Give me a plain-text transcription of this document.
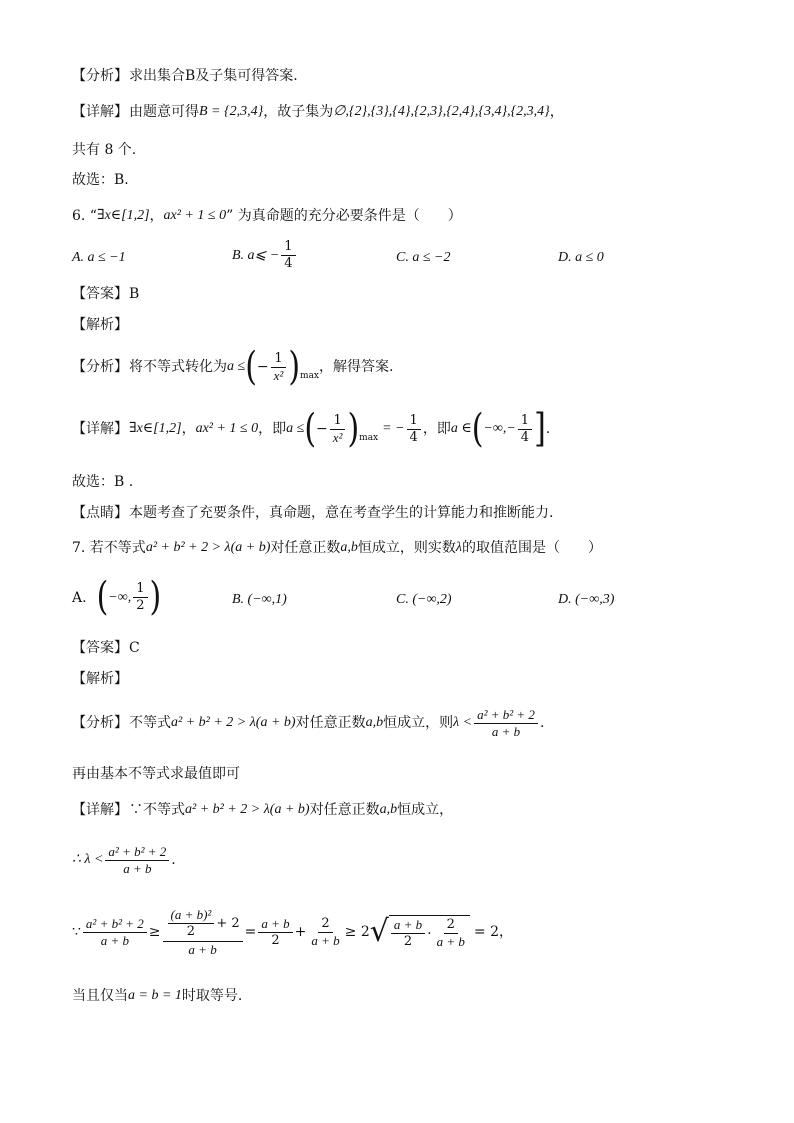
【分析】 求出集合B及子集可得答案.
【详解】 由题意可得 B = {2,3,4} ，故子集为 ∅,{2},{3},{4},{2,3},{2,4},{3,4},{2,3,4} ，
共有 8 个.
故选：B.
6. “ ∃x∈[1,2] ， ax² + 1 ≤ 0 ” 为真命题的充分必要条件是（　　）
A. a ≤ −1	B. a⩽ − $\frac{1}{4}$	C. a ≤ −2	D. a ≤ 0
【答案】 B
【解析】
【分析】 将不等式转化为 a ≤ ( − $\frac{1}{\text{x²}}$ ) max
，解得答案.
【详解】 ∃x∈[1,2] ， ax² + 1 ≤ 0 ，即 a ≤ ( − $\frac{1}{\text{x²}}$ ) max
= − $\frac{1}{4}$ ，即 a ∈ ( −∞,− $\frac{1}{4}$ ] .
故选：B .
【点睛】 本题考查了充要条件，真命题，意在考查学生的计算能力和推断能力.
7. 若不等式 a² + b² + 2 > λ(a + b) 对任意正数 a,b 恒成立，则实数 λ 的取值范围是（　　）
A. ( −∞, $\frac{1}{2}$ )	B. (−∞,1)	C. (−∞,2)	D. (−∞,3)
【答案】 C
【解析】
【分析】 不等式 a² + b² + 2 > λ(a + b) 对任意正数 a,b 恒成立，则 $\lambda < \frac{\text{a² + b² + 2}}{a + b}$ .
再由基本不等式求最值即可
【详解】 ∵不等式 a² + b² + 2 > λ(a + b) 对任意正数 a,b 恒成立，
∴ $\lambda < \frac{\text{a² + b² + 2}}{a + b}$ .
∵ $\frac{\text{a² + b² + 2}}{a + b} \ge \frac{\frac{\text{(a + b)²}}{2} + 2}{a + b} = \frac{a + b}{2} + \frac{2}{a + b} \ge 2$ √ $\frac{a + b}{2} \cdot \frac{2}{a + b} = 2$ ，
当且仅当 a = b = 1 时取等号.
